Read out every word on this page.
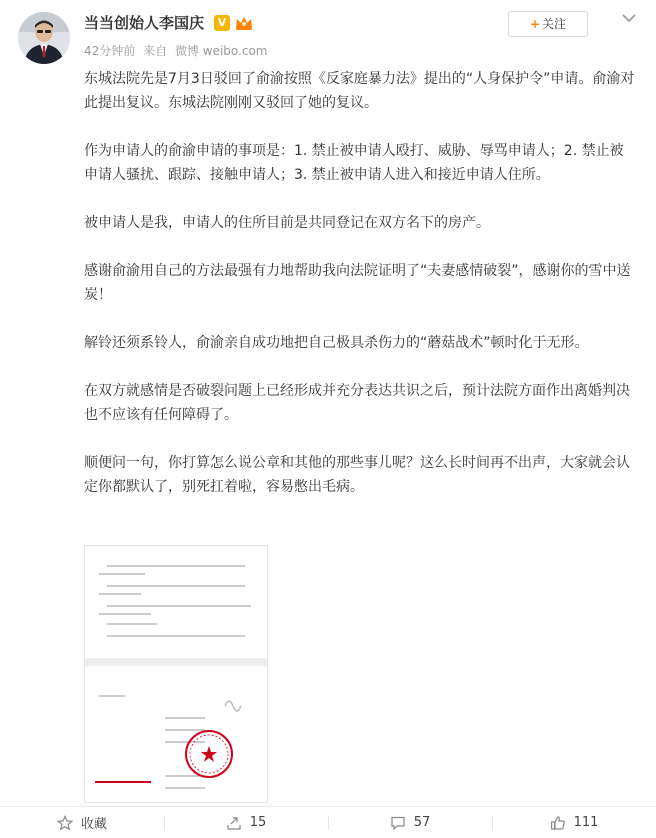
当当创始人李国庆	V
42分钟前 来自 微博 weibo.com
+ 关注

东城法院先是7月3日驳回了俞渝按照《反家庭暴力法》提出的“人身保护令”申请。俞渝对此提出复议。东城法院刚刚又驳回了她的复议。

作为申请人的俞渝申请的事项是：1. 禁止被申请人殴打、威胁、辱骂申请人；2. 禁止被申请人骚扰、跟踪、接触申请人；3. 禁止被申请人进入和接近申请人住所。

被申请人是我，申请人的住所目前是共同登记在双方名下的房产。

感谢俞渝用自己的方法最强有力地帮助我向法院证明了“夫妻感情破裂”，感谢你的雪中送炭！

解铃还须系铃人，俞渝亲自成功地把自己极具杀伤力的“蘑菇战术”顿时化于无形。

在双方就感情是否破裂问题上已经形成并充分表达共识之后，预计法院方面作出离婚判决也不应该有任何障碍了。

顺便问一句，你打算怎么说公章和其他的那些事儿呢？这么长时间再不出声，大家就会认定你都默认了，别死扛着啦，容易憋出毛病。

收藏	15	57	111
